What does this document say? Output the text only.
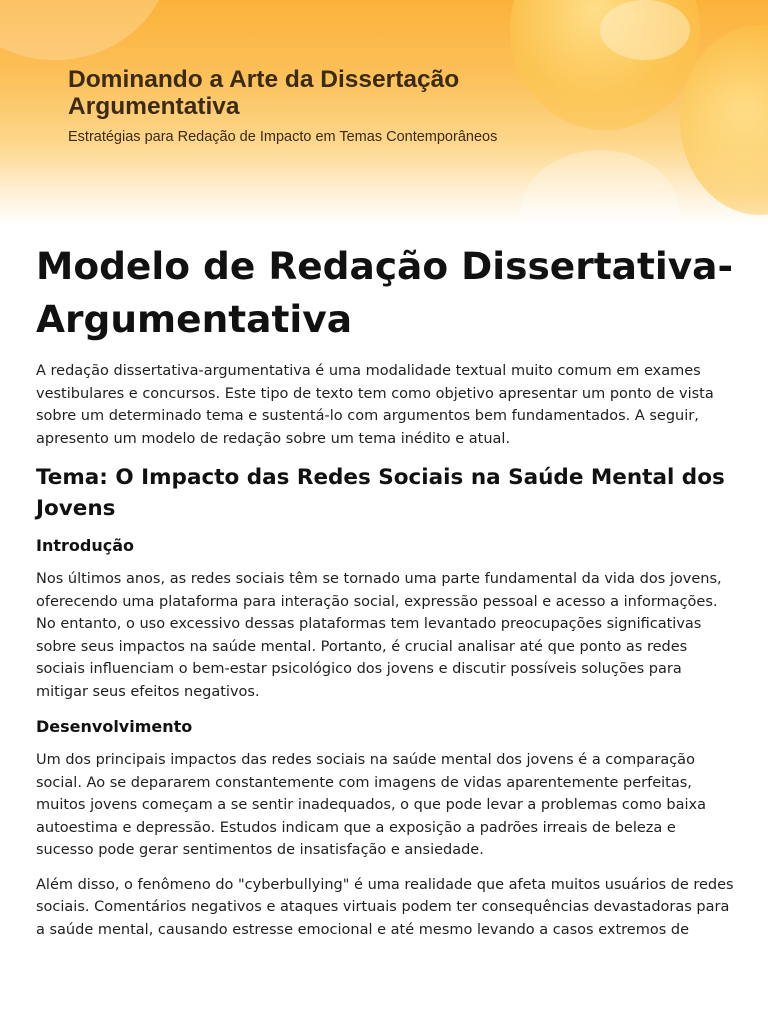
Dominando a Arte da Dissertação Argumentativa
Estratégias para Redação de Impacto em Temas Contemporâneos
Modelo de Redação Dissertativa-Argumentativa

A redação dissertativa-argumentativa é uma modalidade textual muito comum em exames vestibulares e concursos. Este tipo de texto tem como objetivo apresentar um ponto de vista sobre um determinado tema e sustentá-lo com argumentos bem fundamentados. A seguir, apresento um modelo de redação sobre um tema inédito e atual.

Tema: O Impacto das Redes Sociais na Saúde Mental dos Jovens
Introdução

Nos últimos anos, as redes sociais têm se tornado uma parte fundamental da vida dos jovens, oferecendo uma plataforma para interação social, expressão pessoal e acesso a informações. No entanto, o uso excessivo dessas plataformas tem levantado preocupações significativas sobre seus impactos na saúde mental. Portanto, é crucial analisar até que ponto as redes sociais influenciam o bem-estar psicológico dos jovens e discutir possíveis soluções para mitigar seus efeitos negativos.

Desenvolvimento

Um dos principais impactos das redes sociais na saúde mental dos jovens é a comparação social. Ao se depararem constantemente com imagens de vidas aparentemente perfeitas, muitos jovens começam a se sentir inadequados, o que pode levar a problemas como baixa autoestima e depressão. Estudos indicam que a exposição a padrões irreais de beleza e sucesso pode gerar sentimentos de insatisfação e ansiedade.

Além disso, o fenômeno do "cyberbullying" é uma realidade que afeta muitos usuários de redes sociais. Comentários negativos e ataques virtuais podem ter consequências devastadoras para a saúde mental, causando estresse emocional e até mesmo levando a casos extremos de
